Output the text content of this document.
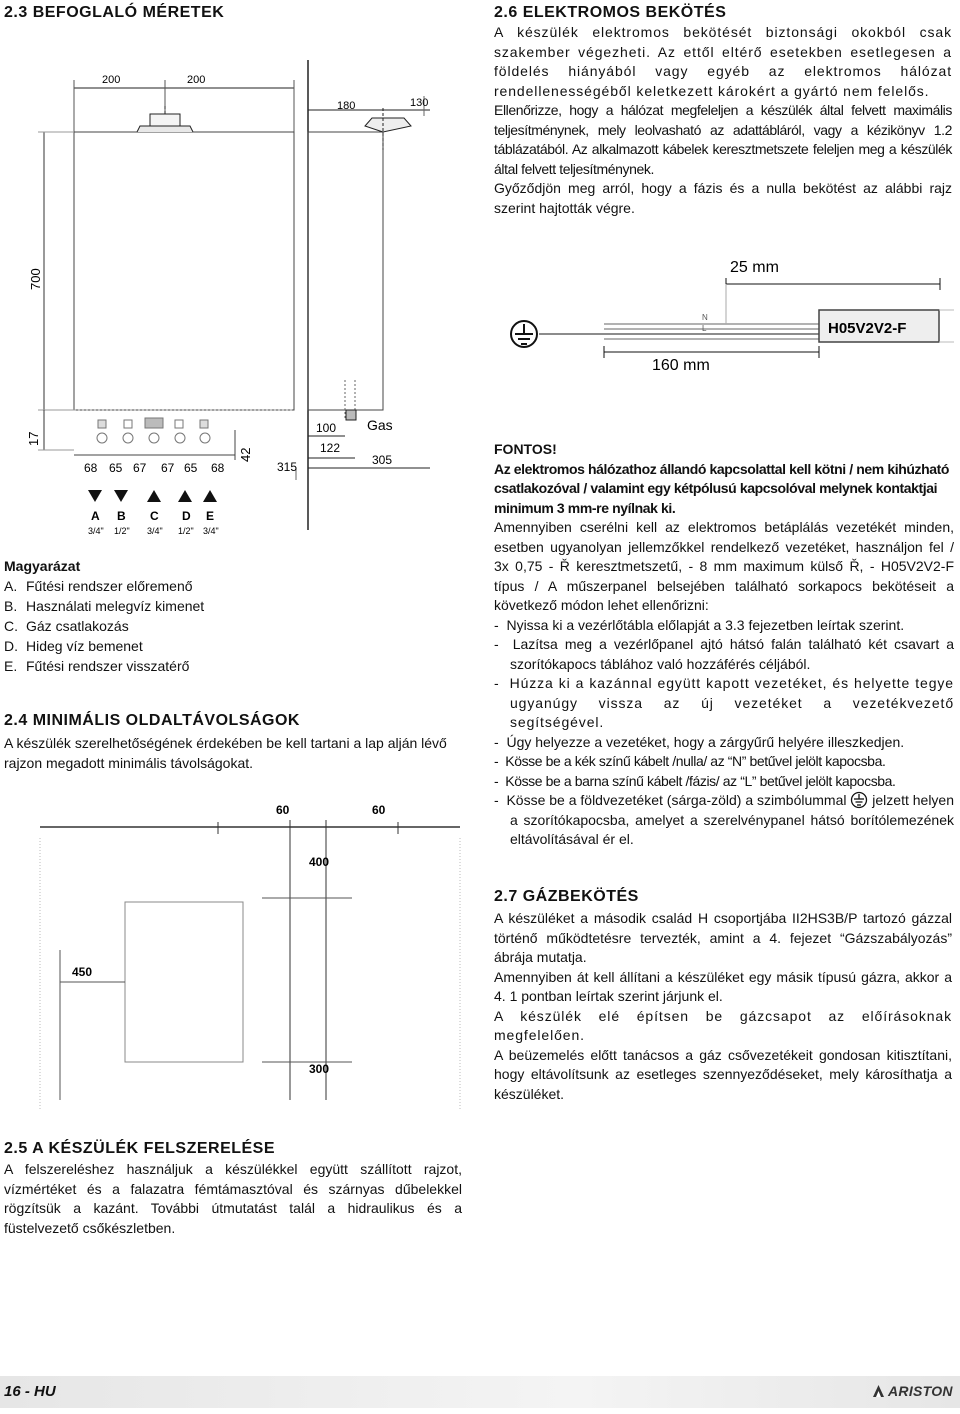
2.3 BEFOGLALÓ MÉRETEK
200	200
180	130
700
17
42
315
100
122
305
Gas
68 65 67 67 65 68
A B C D E
3/4" 1/2" 3/4" 1/2" 3/4"
Magyarázat
A. Fűtési rendszer előremenő
B. Használati melegvíz kimenet
C. Gáz csatlakozás
D. Hideg víz bemenet
E. Fűtési rendszer visszatérő
2.4 MINIMÁLIS OLDALTÁVOLSÁGOK

A készülék szerelhetőségének érdekében be kell tartani a lap alján lévő rajzon megadott minimális távolságokat.

60	60
400
450
300
2.5 A KÉSZÜLÉK FELSZERELÉSE

A felszereléshez használjuk a készülékkel együtt szállított rajzot, vízmértéket és a falazatra fémtámasztóval és szárnyas dűbelekkel rögzítsük a kazánt. További útmutatást talál a hidraulikus és a füstelvezető csőkészletben.

2.6 ELEKTROMOS BEKÖTÉS

A készülék elektromos bekötését biztonsági okokból csak szakember végezheti. Az ettől eltérő esetekben esetlegesen a földelés hiányából vagy egyéb az elektromos hálózat rendellenességéből keletkezett károkért a gyártó nem felelős.

Ellenőrizze, hogy a hálózat megfeleljen a készülék által felvett maximális teljesítménynek, mely leolvasható az adattábláról, vagy a kézikönyv 1.2 táblázatából. Az alkalmazott kábelek keresztmetszete feleljen meg a készülék által felvett teljesítménynek.

Győződjön meg arról, hogy a fázis és a nulla bekötést az alábbi rajz szerint hajtották végre.

25 mm
160 mm
H05V2V2-F
N
L
FONTOS!

Az elektromos hálózathoz állandó kapcsolattal kell kötni / nem kihúzható csatlakozóval / valamint egy kétpólusú kapcsolóval melynek kontaktjai minimum 3 mm-re nyílnak ki.

Amennyiben cserélni kell az elektromos betáplálás vezetékét minden, esetben ugyanolyan jellemzőkkel rendelkező vezetéket, használjon fel / 3x 0,75 - Ř keresztmetszetű, - 8 mm maximum külső Ř, - H05V2V2-F típus / A műszerpanel belsejében található sorkapocs bekötéseit a következő módon lehet ellenőrizni:

-  Nyissa ki a vezérlőtábla előlapját a 3.3 fejezetben leírtak szerint.
-  Lazítsa meg a vezérlőpanel ajtó hátsó falán található két csavart a szorítókapocs táblához való hozzáférés céljából.
-  Húzza ki a kazánnal együtt kapott vezetéket, és helyette tegye ugyanúgy vissza az új vezetéket a vezetékvezető segítségével.
-  Úgy helyezze a vezetéket, hogy a zárgyűrű helyére illeszkedjen.
-  Kösse be a kék színű kábelt /nulla/ az “N” betűvel jelölt kapocsba.
-  Kösse be a barna színű kábelt /fázis/ az “L” betűvel jelölt kapocsba.
-  Kösse be a földvezetéket (sárga-zöld) a szimbólummal jelzett helyen a szorítókapocsba, amelyet a szerelvénypanel hátsó borítólemezének eltávolításával ér el.
2.7 GÁZBEKÖTÉS

A készüléket a második család H csoportjába II2HS3B/P tartozó gázzal történő működtetésre tervezték, amint a 4. fejezet “Gázszabályozás” ábrája mutatja.

Amennyiben át kell állítani a készüléket egy másik típusú gázra, akkor a 4. 1 pontban leírtak szerint járjunk el.

A készülék elé építsen be gázcsapot az előírásoknak megfelelően.

A beüzemelés előtt tanácsos a gáz csővezetékeit gondosan kitisztítani, hogy eltávolítsunk az esetleges szennyeződéseket, mely károsíthatja a készüléket.

16 - HU	ARISTON
